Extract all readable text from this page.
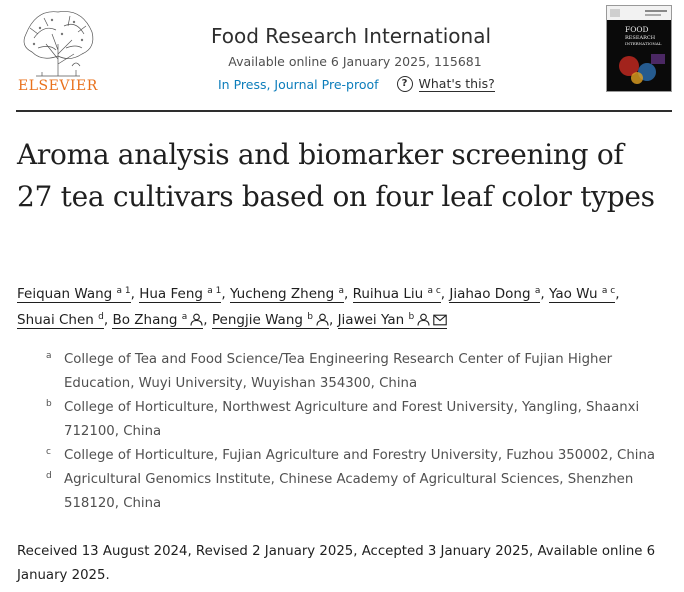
ELSEVIER
Food Research International
Available online 6 January 2025, 115681
In Press, Journal Pre-proof	? What's this?
FOOD
RESEARCH
INTERNATIONAL
Aroma analysis and biomarker screening of 27 tea cultivars based on four leaf color types
Feiquan Wang $^{a 1}$, Hua Feng $^{a 1}$, Yucheng Zheng $^a$, Ruihua Liu $^{a c}$, Jiahao Dong $^a$, Yao Wu $^{a c}$,
Shuai Chen $^d$, Bo Zhang $^a$ , Pengjie Wang $^b$ , Jiawei Yan $^b$
a College of Tea and Food Science/Tea Engineering Research Center of Fujian Higher Education, Wuyi University, Wuyishan 354300, China
b College of Horticulture, Northwest Agriculture and Forest University, Yangling, Shaanxi 712100, China
c College of Horticulture, Fujian Agriculture and Forestry University, Fuzhou 350002, China
d Agricultural Genomics Institute, Chinese Academy of Agricultural Sciences, Shenzhen 518120, China
Received 13 August 2024, Revised 2 January 2025, Accepted 3 January 2025, Available online 6 January 2025.
